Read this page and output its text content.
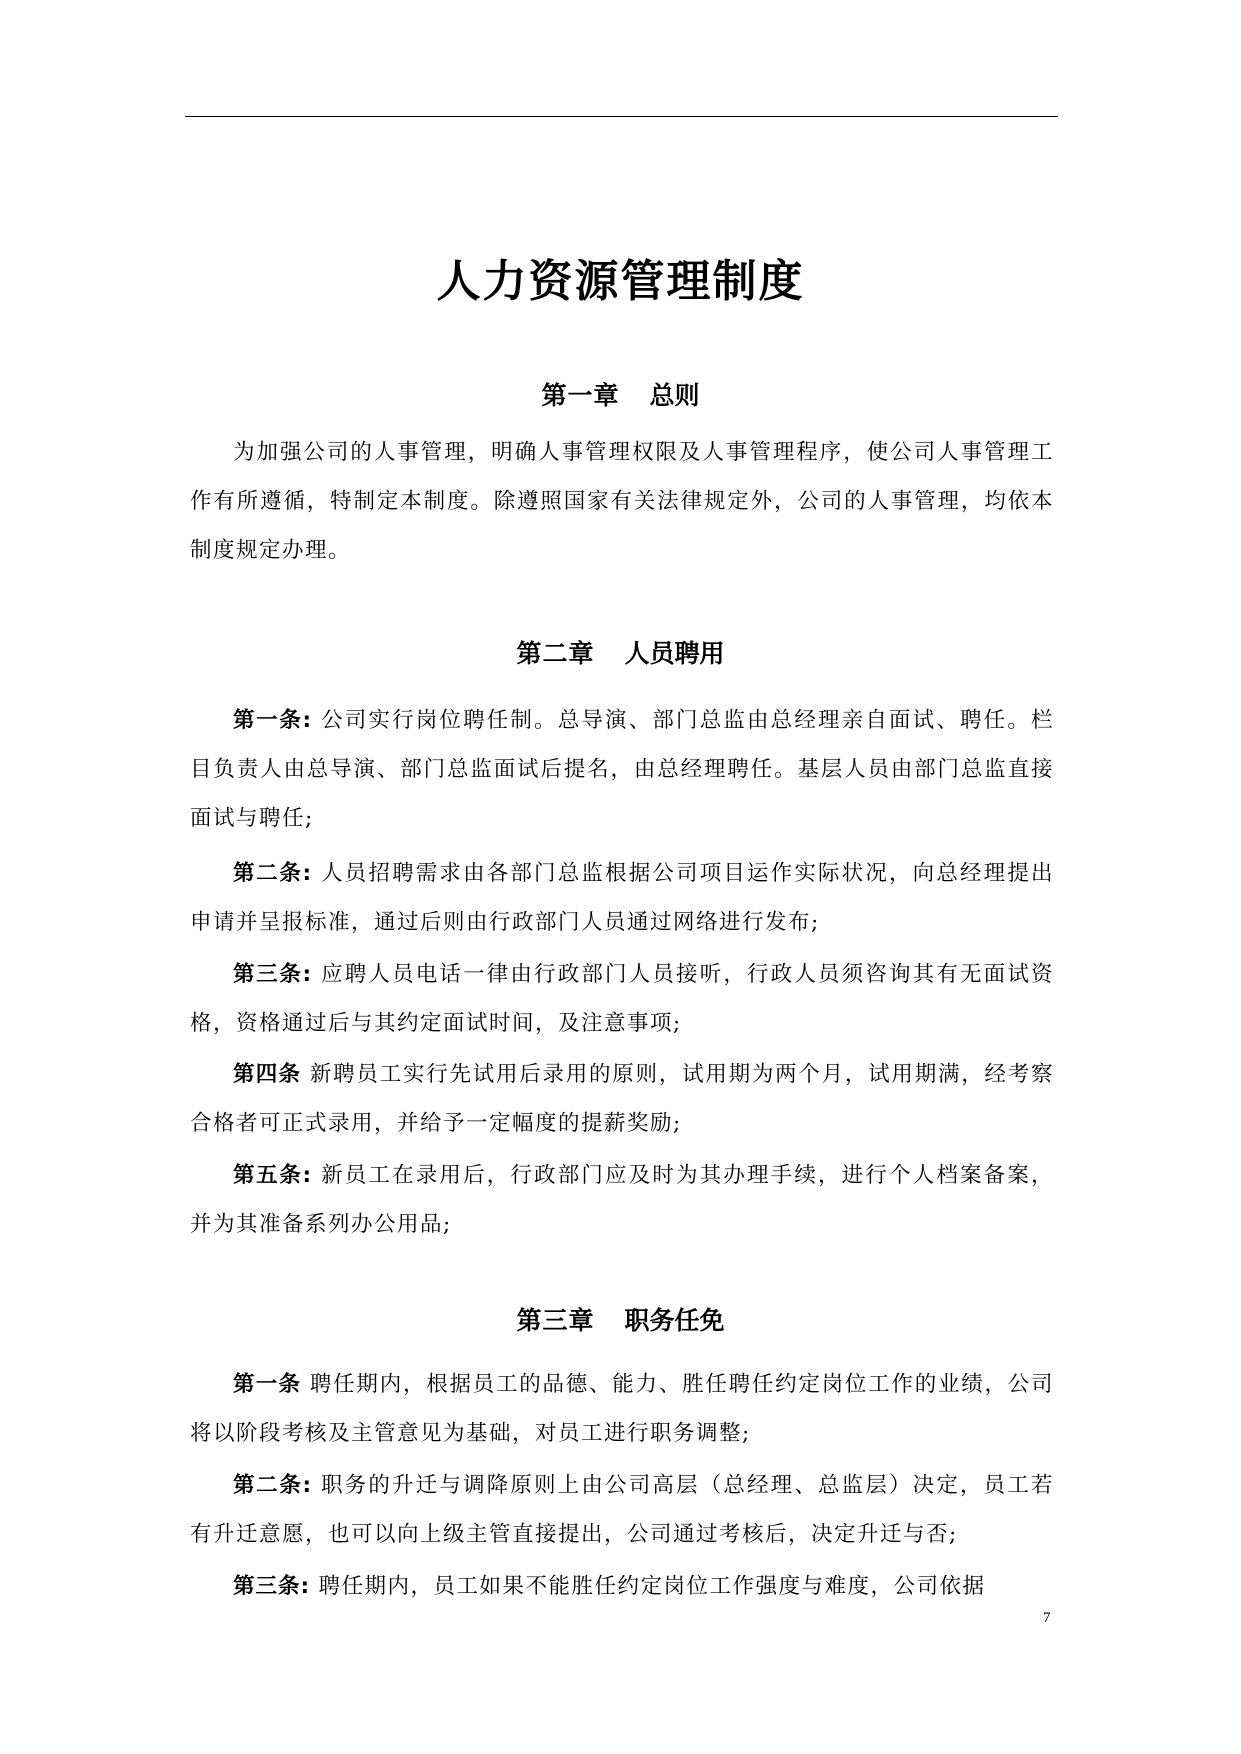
人力资源管理制度
第一章 总则

为加强公司的人事管理，明确人事管理权限及人事管理程序，使公司人事管理工作有所遵循，特制定本制度。除遵照国家有关法律规定外，公司的人事管理，均依本制度规定办理。

第二章 人员聘用

第一条: 公司实行岗位聘任制。总导演、部门总监由总经理亲自面试、聘任。栏目负责人由总导演、部门总监面试后提名，由总经理聘任。基层人员由部门总监直接面试与聘任;

第二条: 人员招聘需求由各部门总监根据公司项目运作实际状况，向总经理提出申请并呈报标准，通过后则由行政部门人员通过网络进行发布;

第三条: 应聘人员电话一律由行政部门人员接听，行政人员须咨询其有无面试资格，资格通过后与其约定面试时间，及注意事项;

第四条 新聘员工实行先试用后录用的原则，试用期为两个月，试用期满，经考察合格者可正式录用，并给予一定幅度的提薪奖励;

第五条: 新员工在录用后，行政部门应及时为其办理手续，进行个人档案备案，并为其准备系列办公用品;

第三章 职务任免

第一条 聘任期内，根据员工的品德、能力、胜任聘任约定岗位工作的业绩，公司将以阶段考核及主管意见为基础，对员工进行职务调整;

第二条: 职务的升迁与调降原则上由公司高层（总经理、总监层）决定，员工若有升迁意愿，也可以向上级主管直接提出，公司通过考核后，决定升迁与否;

第三条: 聘任期内，员工如果不能胜任约定岗位工作强度与难度，公司依据

7
